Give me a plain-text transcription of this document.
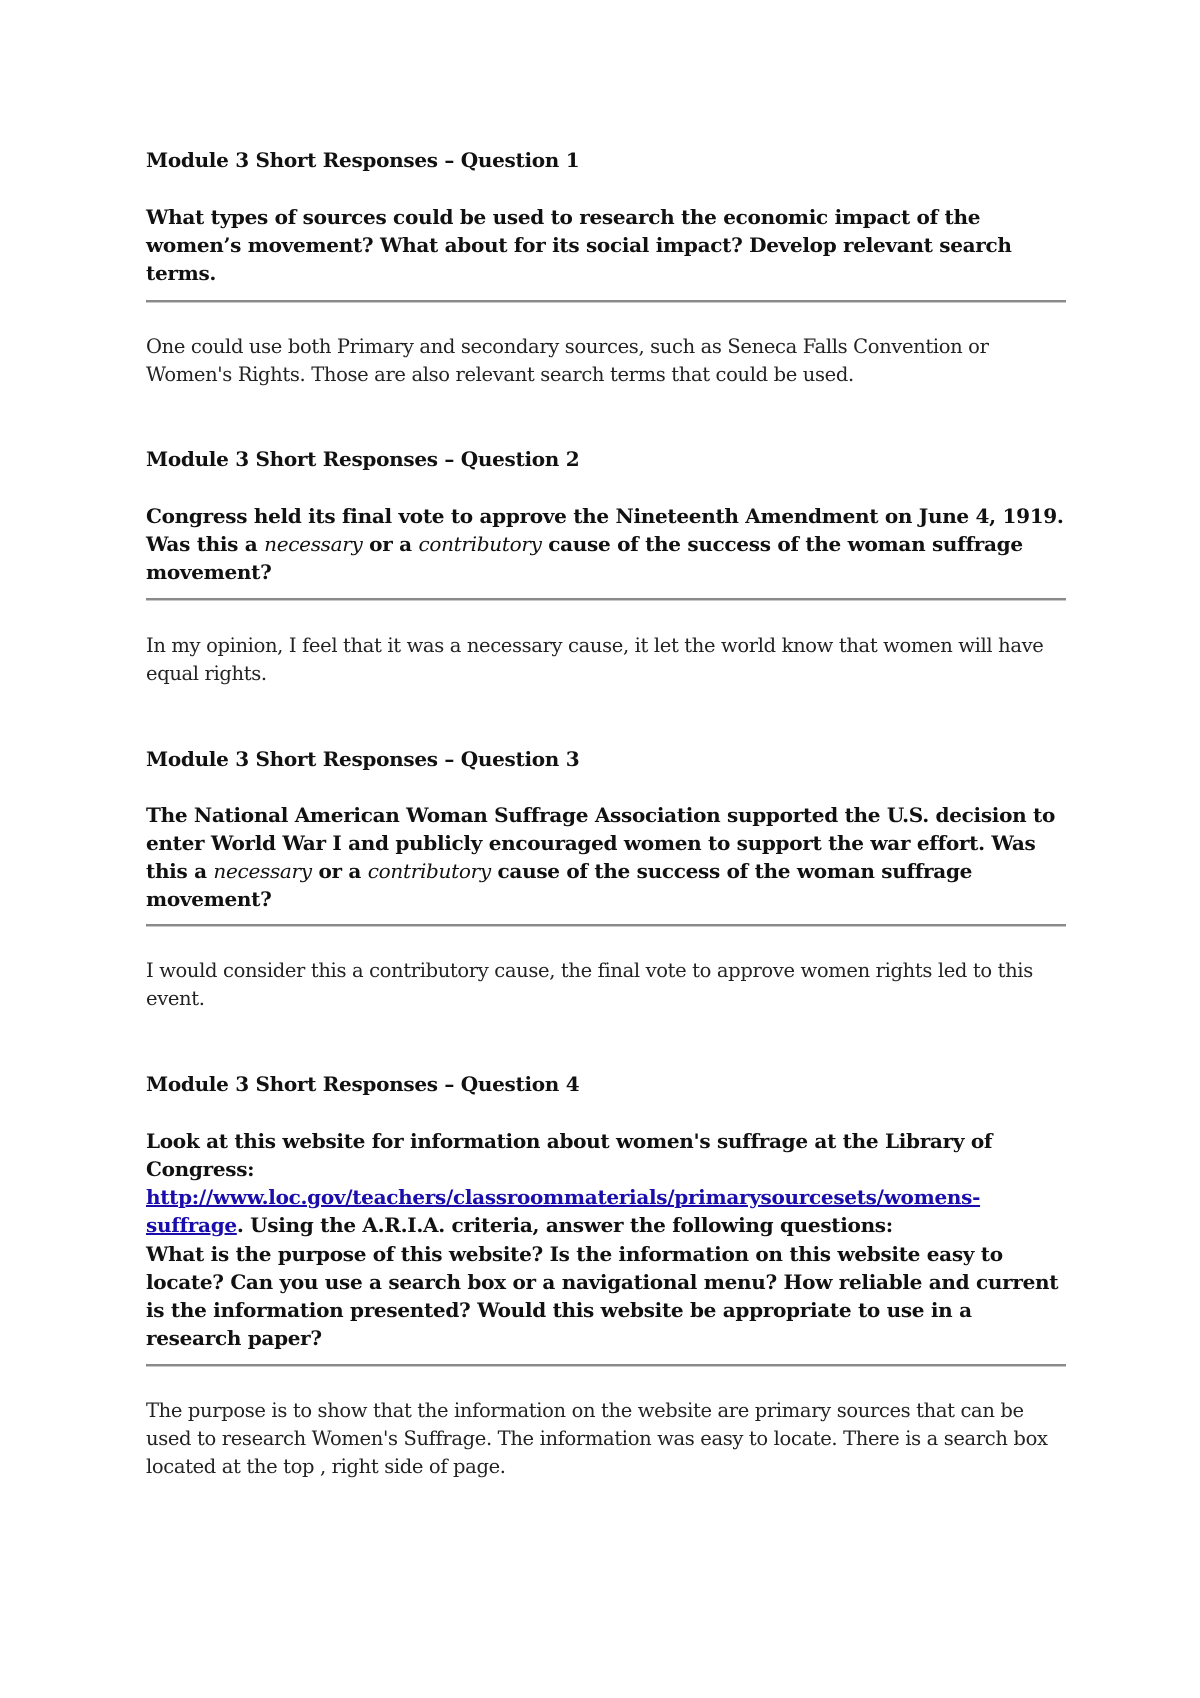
Module 3 Short Responses – Question 1

What types of sources could be used to research the economic impact of the women’s movement? What about for its social impact? Develop relevant search terms.

One could use both Primary and secondary sources, such as Seneca Falls Convention or Women's Rights. Those are also relevant search terms that could be used.

Module 3 Short Responses – Question 2

Congress held its final vote to approve the Nineteenth Amendment on June 4, 1919. Was this a necessary or a contributory cause of the success of the woman suffrage movement?

In my opinion, I feel that it was a necessary cause, it let the world know that women will have equal rights.

Module 3 Short Responses – Question 3

The National American Woman Suffrage Association supported the U.S. decision to enter World War I and publicly encouraged women to support the war effort. Was this a necessary or a contributory cause of the success of the woman suffrage movement?

I would consider this a contributory cause, the final vote to approve women rights led to this event.

Module 3 Short Responses – Question 4

Look at this website for information about women's suffrage at the Library of Congress: http://www.loc.gov/teachers/classroommaterials/primarysourcesets/womens-suffrage. Using the A.R.I.A. criteria, answer the following questions:

What is the purpose of this website? Is the information on this website easy to locate? Can you use a search box or a navigational menu? How reliable and current is the information presented? Would this website be appropriate to use in a research paper?

The purpose is to show that the information on the website are primary sources that can be used to research Women's Suffrage. The information was easy to locate. There is a search box located at the top , right side of page.
